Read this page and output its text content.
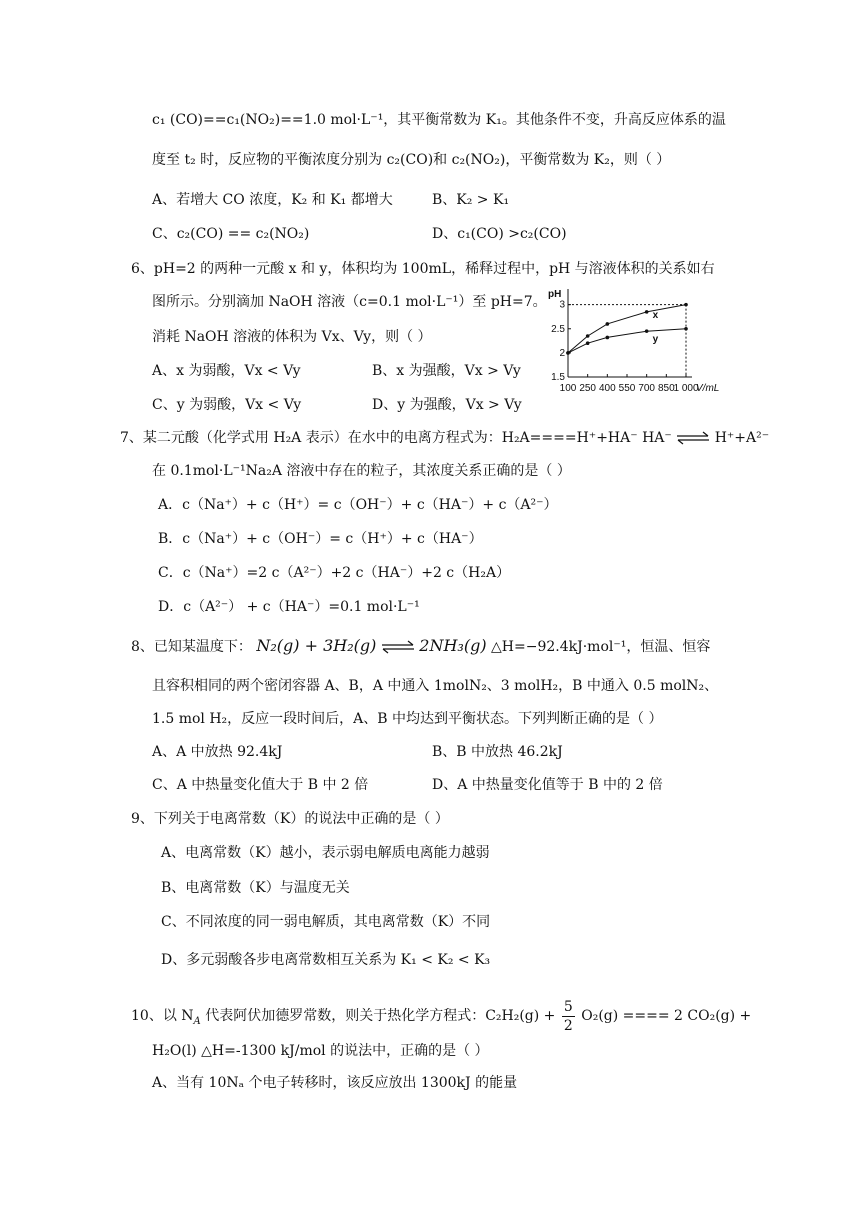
c₁ (CO)==c₁(NO₂)==1.0 mol·L⁻¹，其平衡常数为 K₁。其他条件不变，升高反应体系的温
度至 t₂ 时，反应物的平衡浓度分别为 c₂(CO)和 c₂(NO₂)，平衡常数为 K₂，则（ ）
A、若增大 CO 浓度，K₂ 和 K₁ 都增大	B、K₂ > K₁
C、c₂(CO) == c₂(NO₂)	D、c₁(CO) >c₂(CO)
6、pH=2 的两种一元酸 x 和 y，体积均为 100mL，稀释过程中，pH 与溶液体积的关系如右
图所示。分别滴加 NaOH 溶液（c=0.1 mol·L⁻¹）至 pH=7。
消耗 NaOH 溶液的体积为 Vx、Vy，则（ ）
A、x 为弱酸，Vx < Vy	B、x 为强酸，Vx > Vy
C、y 为弱酸，Vx < Vy	D、y 为强酸，Vx > Vy
pH
V/mL
1.5
2
2.5
3
100 250 400 550 700 850
1 000
x
y
7、某二元酸（化学式用 H₂A 表示）在水中的电离方程式为：H₂A====H⁺+HA⁻ HA⁻ ⇌ H⁺+A²⁻
在 0.1mol·L⁻¹Na₂A 溶液中存在的粒子，其浓度关系正确的是（ ）
A．c（Na⁺）+ c（H⁺）= c（OH⁻）+ c（HA⁻）+ c（A²⁻）
B．c（Na⁺）+ c（OH⁻）= c（H⁺）+ c（HA⁻）
C．c（Na⁺）=2 c（A²⁻）+2 c（HA⁻）+2 c（H₂A）
D．c（A²⁻） + c（HA⁻）=0.1 mol·L⁻¹
8、已知某温度下： N₂(g) + 3H₂(g) ⇌ 2NH₃(g) △H=−92.4kJ·mol⁻¹，恒温、恒容
且容积相同的两个密闭容器 A、B，A 中通入 1molN₂、3 molH₂，B 中通入 0.5 molN₂、
1.5 mol H₂，反应一段时间后，A、B 中均达到平衡状态。下列判断正确的是（ ）
A、A 中放热 92.4kJ	B、B 中放热 46.2kJ
C、A 中热量变化值大于 B 中 2 倍	D、A 中热量变化值等于 B 中的 2 倍
9、下列关于电离常数（K）的说法中正确的是（ ）
A、电离常数（K）越小，表示弱电解质电离能力越弱
B、电离常数（K）与温度无关
C、不同浓度的同一弱电解质，其电离常数（K）不同
D、多元弱酸各步电离常数相互关系为 K₁ < K₂ < K₃
10、以 $N_A$ 代表阿伏加德罗常数，则关于热化学方程式：$C_2H_2(g) + \frac{5}{2} O_2(g)$ ==== 2 CO₂(g) +
H₂O(l) △H=-1300 kJ/mol 的说法中，正确的是（ ）
A、当有 10Nₐ 个电子转移时，该反应放出 1300kJ 的能量
